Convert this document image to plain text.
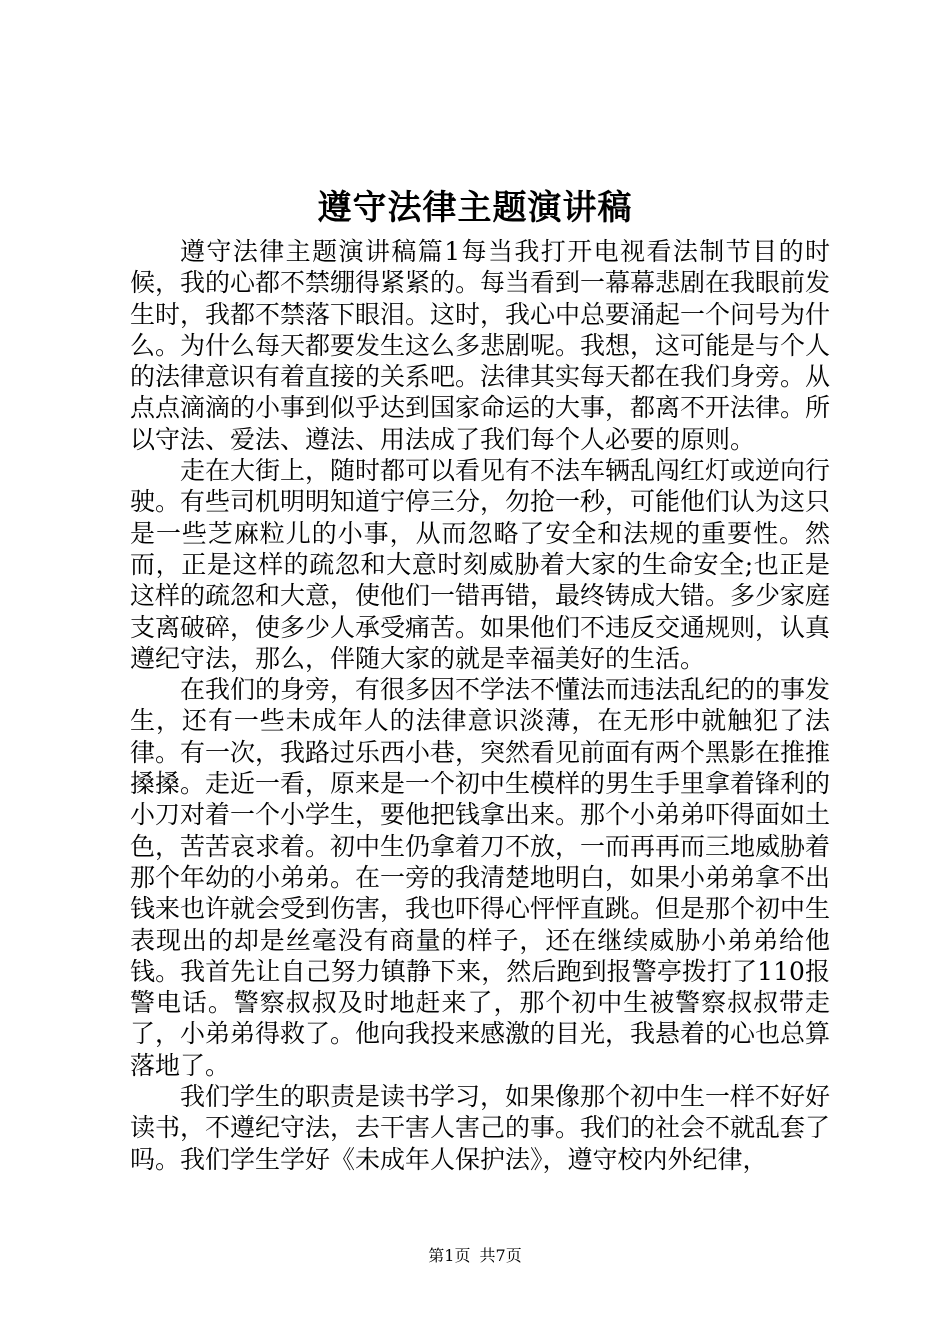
遵守法律主题演讲稿

遵守法律主题演讲稿篇1每当我打开电视看法制节目的时候，我的心都不禁绷得紧紧的。每当看到一幕幕悲剧在我眼前发生时，我都不禁落下眼泪。这时，我心中总要涌起一个问号为什么。为什么每天都要发生这么多悲剧呢。我想，这可能是与个人的法律意识有着直接的关系吧。法律其实每天都在我们身旁。从点点滴滴的小事到似乎达到国家命运的大事，都离不开法律。所以守法、爱法、遵法、用法成了我们每个人必要的原则。

走在大街上，随时都可以看见有不法车辆乱闯红灯或逆向行驶。有些司机明明知道宁停三分，勿抢一秒，可能他们认为这只是一些芝麻粒儿的小事，从而忽略了安全和法规的重要性。然而，正是这样的疏忽和大意时刻威胁着大家的生命安全;也正是这样的疏忽和大意，使他们一错再错，最终铸成大错。多少家庭支离破碎，使多少人承受痛苦。如果他们不违反交通规则，认真遵纪守法，那么，伴随大家的就是幸福美好的生活。

在我们的身旁，有很多因不学法不懂法而违法乱纪的的事发生，还有一些未成年人的法律意识淡薄，在无形中就触犯了法律。有一次，我路过乐西小巷，突然看见前面有两个黑影在推推搡搡。走近一看，原来是一个初中生模样的男生手里拿着锋利的小刀对着一个小学生，要他把钱拿出来。那个小弟弟吓得面如土色，苦苦哀求着。初中生仍拿着刀不放，一而再再而三地威胁着那个年幼的小弟弟。在一旁的我清楚地明白，如果小弟弟拿不出钱来也许就会受到伤害，我也吓得心怦怦直跳。但是那个初中生表现出的却是丝毫没有商量的样子，还在继续威胁小弟弟给他钱。我首先让自己努力镇静下来，然后跑到报警亭拨打了110报警电话。警察叔叔及时地赶来了，那个初中生被警察叔叔带走了，小弟弟得救了。他向我投来感激的目光，我悬着的心也总算落地了。

我们学生的职责是读书学习，如果像那个初中生一样不好好读书，不遵纪守法，去干害人害己的事。我们的社会不就乱套了吗。我们学生学好《未成年人保护法》，遵守校内外纪律，

第1页 共7页
